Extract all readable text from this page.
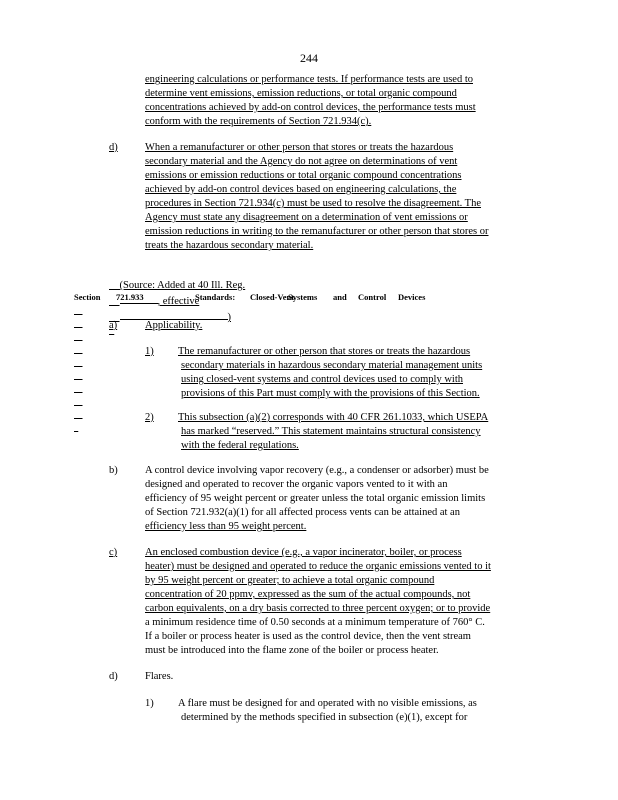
244
engineering calculations or performance tests. If performance tests are used to
determine vent emissions, emission reductions, or total organic compound
concentrations achieved by add-on control devices, the performance tests must
conform with the requirements of Section 721.934(c).
d)	When a remanufacturer or other person that stores or treats the hazardous
secondary material and the Agency do not agree on determinations of vent
emissions or emission reductions or total organic compound concentrations
achieved by add-on control devices based on engineering calculations, the
procedures in Section 721.934(c) must be used to resolve the disagreement. The
Agency must state any disagreement on a determination of vent emissions or
emission reductions in writing to the remanufacturer or other person that stores or
treats the hazardous secondary material.

(Source: Added at 40 Ill. Reg.
, effective
)

Section

721.933

	Standards:

Closed-Vent

Systems

and

Control

Devices

a)	Applicability.
1) The remanufacturer or other person that stores or treats the hazardous
secondary materials in hazardous secondary material management units
using closed-vent systems and control devices used to comply with
provisions of this Part must comply with the provisions of this Section.
2) This subsection (a)(2) corresponds with 40 CFR 261.1033, which USEPA
has marked “reserved.” This statement maintains structural consistency
with the federal regulations.
b)	A control device involving vapor recovery (e.g., a condenser or adsorber) must be
designed and operated to recover the organic vapors vented to it with an
efficiency of 95 weight percent or greater unless the total organic emission limits
of Section 721.932(a)(1) for all affected process vents can be attained at an
efficiency less than 95 weight percent.
c)	An enclosed combustion device (e.g., a vapor incinerator, boiler, or process
heater) must be designed and operated to reduce the organic emissions vented to it
by 95 weight percent or greater; to achieve a total organic compound
concentration of 20 ppmv, expressed as the sum of the actual compounds, not
carbon equivalents, on a dry basis corrected to three percent oxygen; or to provide
a minimum residence time of 0.50 seconds at a minimum temperature of 760° C.
If a boiler or process heater is used as the control device, then the vent stream
must be introduced into the flame zone of the boiler or process heater.
d)	Flares.
1) A flare must be designed for and operated with no visible emissions, as
determined by the methods specified in subsection (e)(1), except for
